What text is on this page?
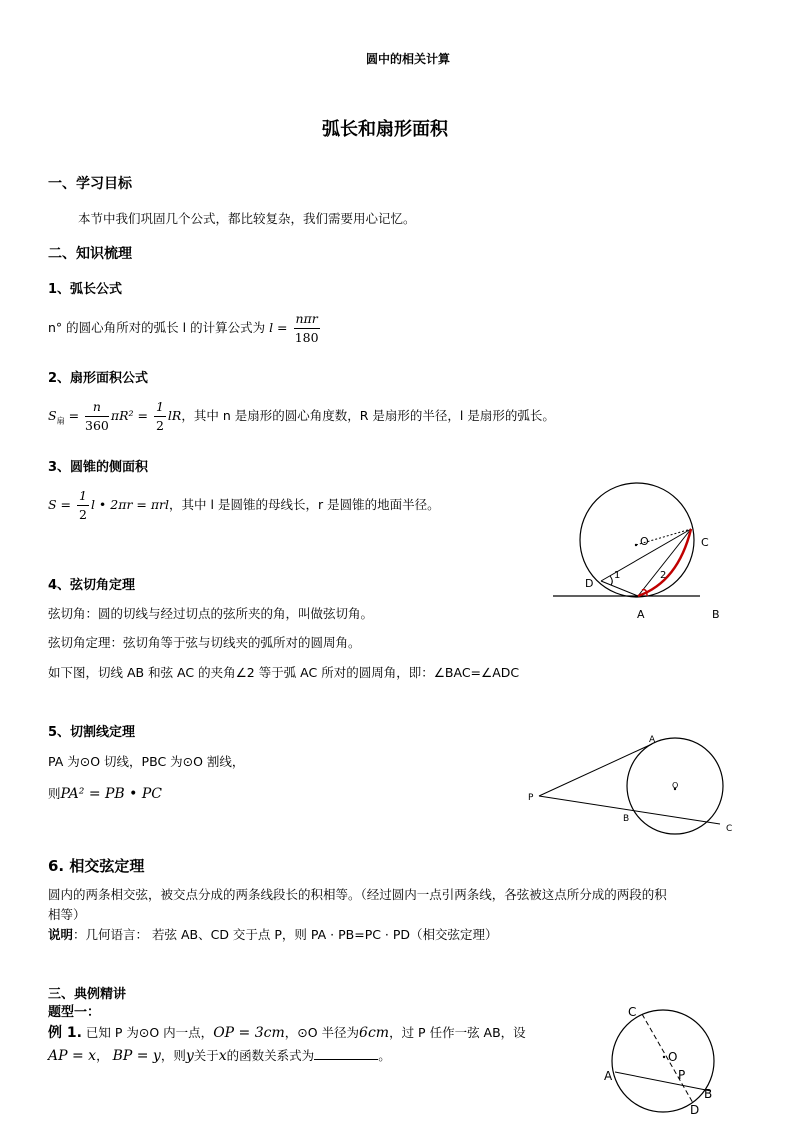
圆中的相关计算
弧长和扇形面积
一、学习目标
本节中我们巩固几个公式，都比较复杂，我们需要用心记忆。
二、知识梳理
1、弧长公式
n° 的圆心角所对的弧长 l 的计算公式为 $l = \frac{\text{nπr}}{180}$
2、扇形面积公式
$S_扇 = \frac{n}{360} \pi R^2 = \frac{1}{2}$ lR，其中 n 是扇形的圆心角度数，R 是扇形的半径，l 是扇形的弧长。
3、圆锥的侧面积
$S = \frac{1}{2}$ l • 2πr = πrl，其中 l 是圆锥的母线长，r 是圆锥的地面半径。
O	C
D
A	B
1	2
4、弦切角定理
弦切角：圆的切线与经过切点的弦所夹的角，叫做弦切角。
弦切角定理：弦切角等于弦与切线夹的弧所对的圆周角。
如下图，切线 AB 和弦 AC 的夹角∠2 等于弧 AC 所对的圆周角，即：∠BAC=∠ADC
5、切割线定理
PA 为⊙O 切线，PBC 为⊙O 割线，
则PA² = PB • PC	P
A
B
C
O
6. 相交弦定理
圆内的两条相交弦，被交点分成的两条线段长的积相等。（经过圆内一点引两条线，各弦被这点所分成的两段的积
相等）
说明：几何语言： 若弦 AB、CD 交于点 P，则 PA · PB=PC · PD（相交弦定理）
三、典例精讲
题型一：
例 1. 已知 P 为⊙O 内一点，OP = 3cm，⊙O 半径为6cm，过 P 任作一弦 AB，设
AP = x， BP = y，则y关于x的函数关系式为	。
C
O
A	P
B
D
